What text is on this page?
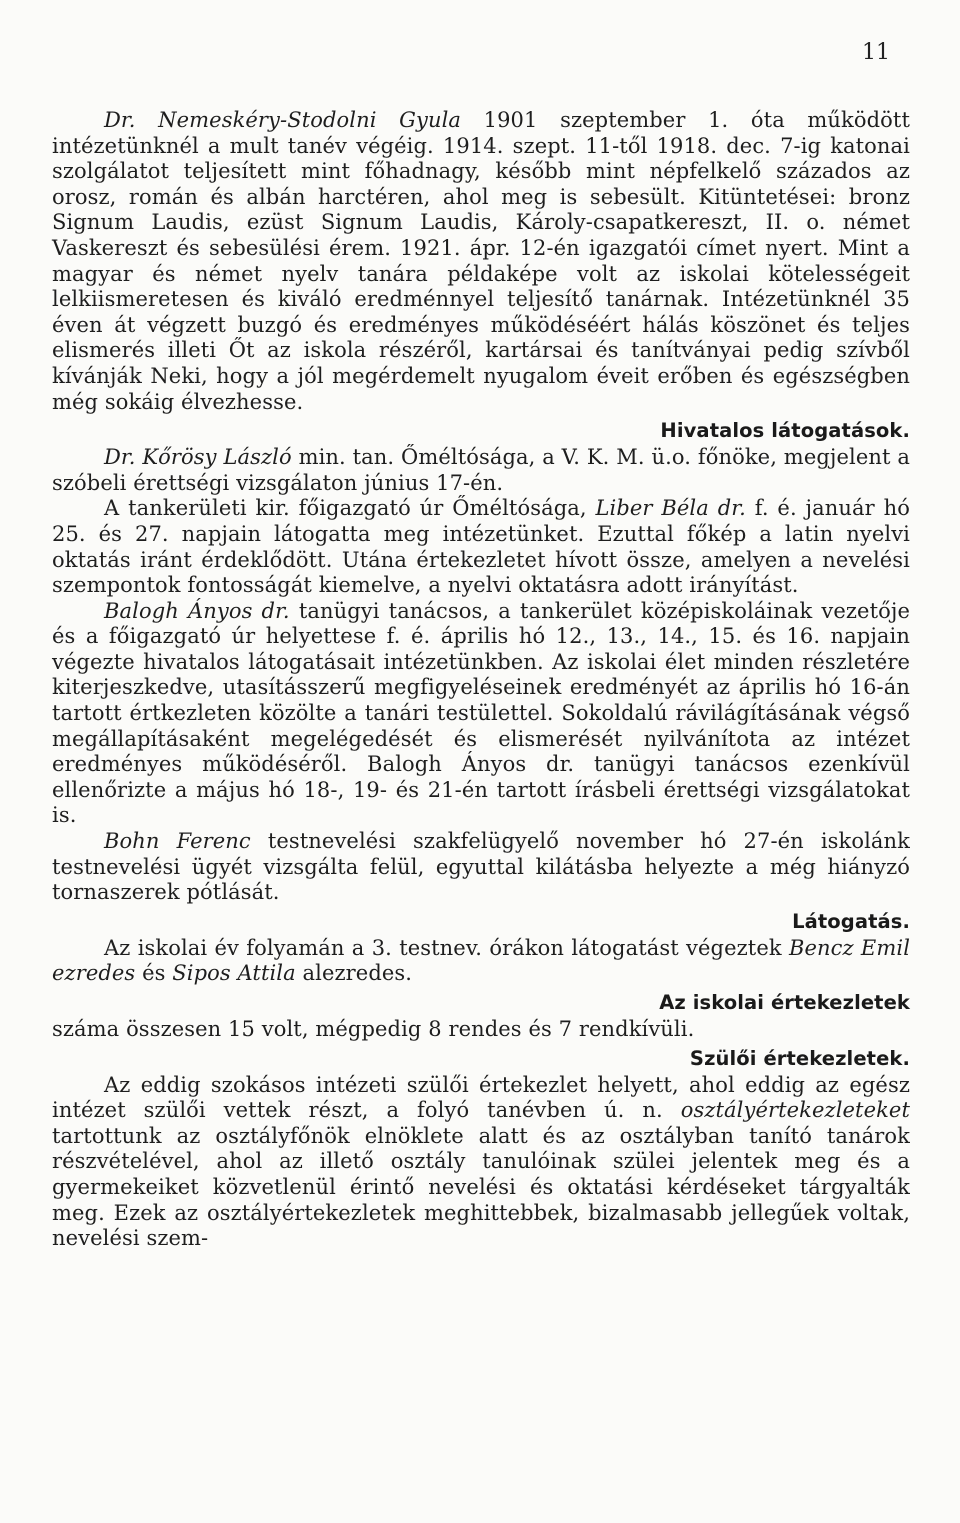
11

Dr. Nemeskéry-Stodolni Gyula 1901 szeptember 1. óta működött intézetünknél a mult tanév végéig. 1914. szept. 11-től 1918. dec. 7-ig katonai szolgálatot teljesített mint főhadnagy, később mint népfelkelő százados az orosz, román és albán harctéren, ahol meg is sebesült. Kitüntetései: bronz Signum Laudis, ezüst Signum Laudis, Károly-csapatkereszt, II. o. német Vaskereszt és sebesülési érem. 1921. ápr. 12-én igazgatói címet nyert. Mint a magyar és német nyelv tanára példaképe volt az iskolai kötelességeit lelkiismeretesen és kiváló eredménnyel teljesítő tanárnak. Intézetünknél 35 éven át végzett buzgó és eredményes működéséért hálás köszönet és teljes elismerés illeti Őt az iskola részéről, kartársai és tanítványai pedig szívből kívánják Neki, hogy a jól megérdemelt nyugalom éveit erőben és egészségben még sokáig élvezhesse.

Hivatalos látogatások.

Dr. Kőrösy László min. tan. Őméltósága, a V. K. M. ü.o. főnöke, megjelent a szóbeli érettségi vizsgálaton június 17-én.

A tankerületi kir. főigazgató úr Őméltósága, Liber Béla dr. f. é. január hó 25. és 27. napjain látogatta meg intézetünket. Ezuttal főkép a latin nyelvi oktatás iránt érdeklődött. Utána értekezletet hívott össze, amelyen a nevelési szempontok fontosságát kiemelve, a nyelvi oktatásra adott irányítást.

Balogh Ányos dr. tanügyi tanácsos, a tankerület középiskoláinak vezetője és a főigazgató úr helyettese f. é. április hó 12., 13., 14., 15. és 16. napjain végezte hivatalos látogatásait intézetünkben. Az iskolai élet minden részletére kiterjeszkedve, utasításszerű megfigyeléseinek eredményét az április hó 16-án tartott értkezleten közölte a tanári testülettel. Sokoldalú rávilágításának végső megállapításaként megelégedését és elismerését nyilvánítota az intézet eredményes működéséről. Balogh Ányos dr. tanügyi tanácsos ezenkívül ellenőrizte a május hó 18-, 19- és 21-én tartott írásbeli érettségi vizsgálatokat is.

Bohn Ferenc testnevelési szakfelügyelő november hó 27-én iskolánk testnevelési ügyét vizsgálta felül, egyuttal kilátásba helyezte a még hiányzó tornaszerek pótlását.

Látogatás.

Az iskolai év folyamán a 3. testnev. órákon látogatást végeztek Bencz Emil ezredes és Sipos Attila alezredes.

Az iskolai értekezletek

száma összesen 15 volt, mégpedig 8 rendes és 7 rendkívüli.

Szülői értekezletek.

Az eddig szokásos intézeti szülői értekezlet helyett, ahol eddig az egész intézet szülői vettek részt, a folyó tanévben ú. n. osztályértekezleteket tartottunk az osztályfőnök elnöklete alatt és az osztályban tanító tanárok részvételével, ahol az illető osztály tanulóinak szülei jelentek meg és a gyermekeiket közvetlenül érintő nevelési és oktatási kérdéseket tárgyalták meg. Ezek az osztályértekezletek meghittebbek, bizalmasabb jellegűek voltak, nevelési szem-
